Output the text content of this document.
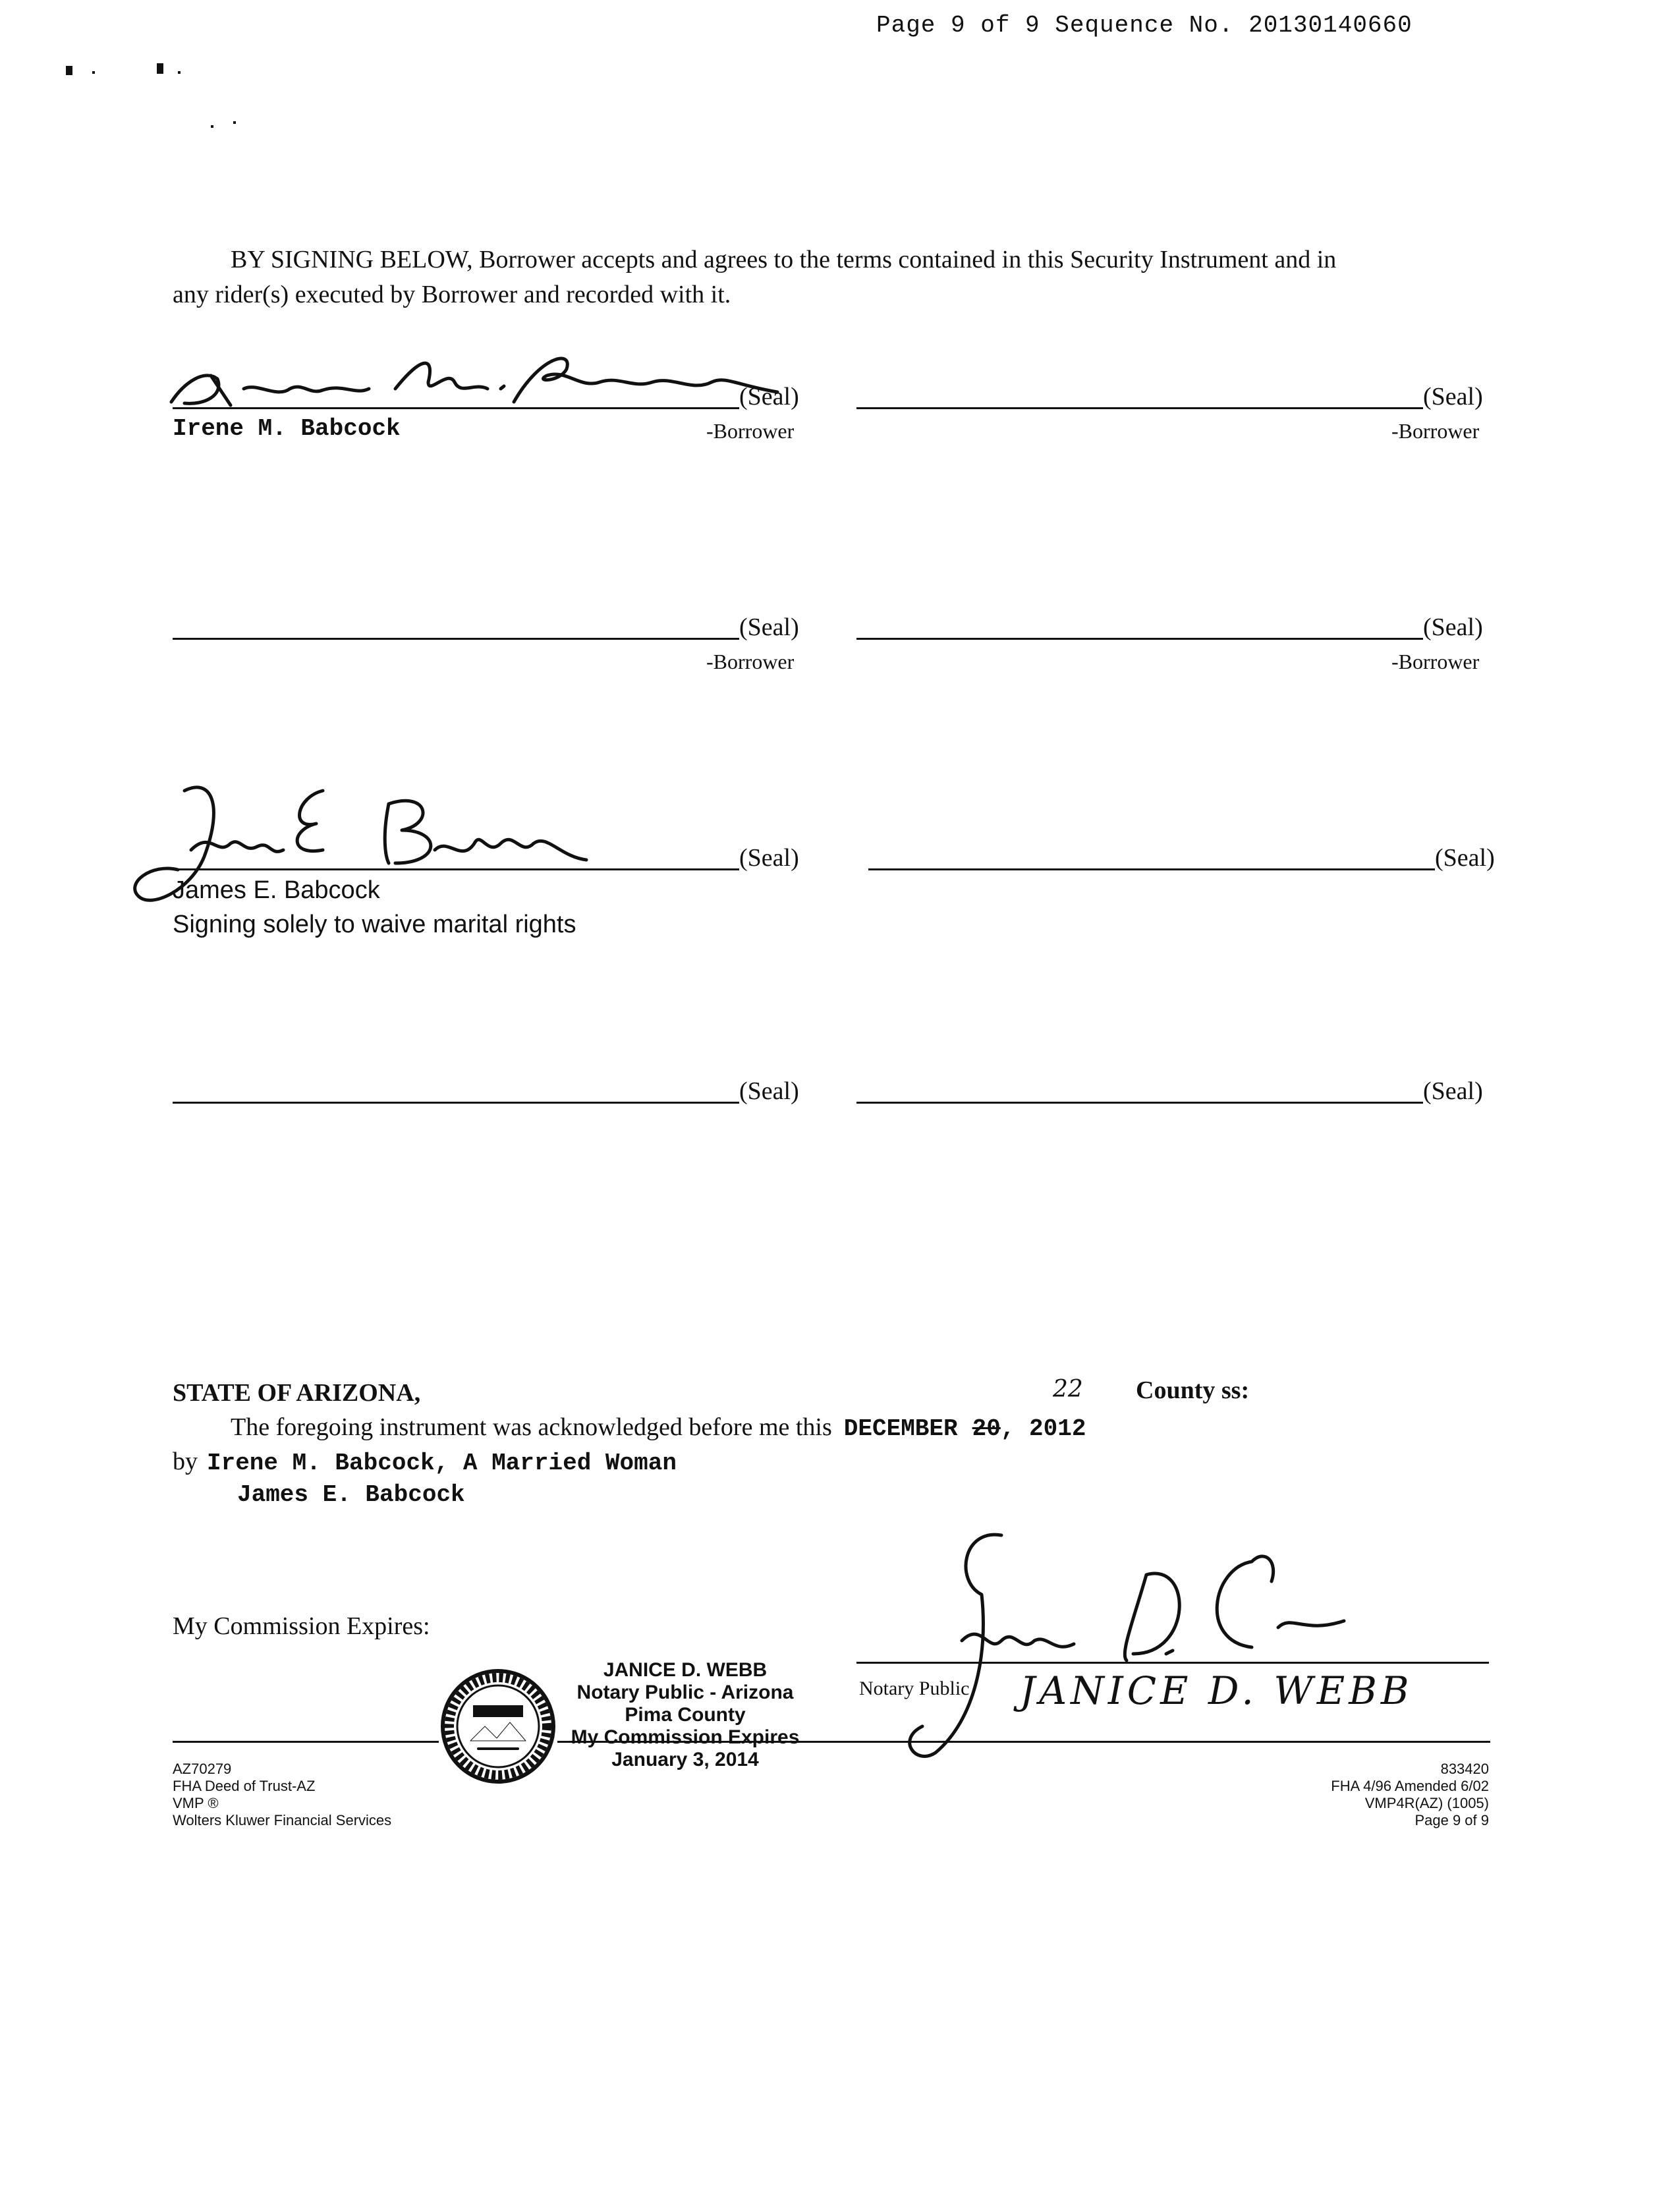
Page 9 of 9 Sequence No. 20130140660
BY SIGNING BELOW, Borrower accepts and agrees to the terms contained in this Security Instrument and in
any rider(s) executed by Borrower and recorded with it.
(Seal)
Irene M. Babcock	-Borrower
(Seal)
-Borrower
(Seal)
-Borrower
(Seal)
-Borrower
(Seal)
James E. Babcock
Signing solely to waive marital rights
(Seal)
(Seal)	(Seal)
STATE OF ARIZONA,	22 County ss:
The foregoing instrument was acknowledged before me this DECEMBER 20, 2012
by Irene M. Babcock, A Married Woman
James E. Babcock
My Commission Expires:
Notary Public JANICE D. WEBB
JANICE D. WEBB
Notary Public - Arizona
Pima County
My Commission Expires
January 3, 2014
AZ70279
FHA Deed of Trust-AZ
VMP ®
Wolters Kluwer Financial Services
833420
FHA 4/96 Amended 6/02
VMP4R(AZ) (1005)
Page 9 of 9
